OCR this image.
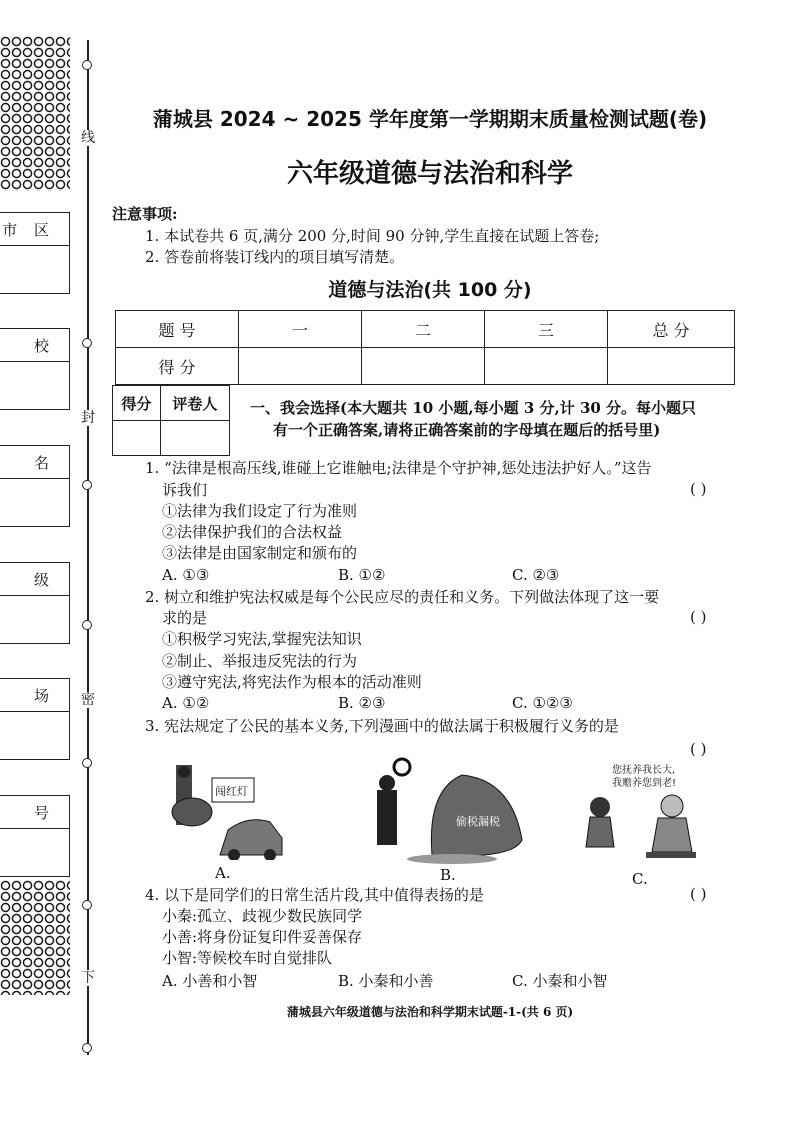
线
封
密
下
市 区
校
名
级
场
号
蒲城县 2024 ~ 2025 学年度第一学期期末质量检测试题(卷)
六年级道德与法治和科学
注意事项:
1. 本试卷共 6 页,满分 200 分,时间 90 分钟,学生直接在试题上答卷;
2. 答卷前将装订线内的项目填写清楚。
道德与法治(共 100 分)
题 号	一	二	三	总 分
得 分				
得分	评卷人
	一、我会选择(本大题共 10 小题,每小题 3 分,计 30 分。每小题只
有一个正确答案,请将正确答案前的字母填在题后的括号里)
1. “法律是根高压线,谁碰上它谁触电;法律是个守护神,惩处违法护好人。”这告
诉我们	( )
①法律为我们设定了行为准则
②法律保护我们的合法权益
③法律是由国家制定和颁布的
A. ①③	B. ①②	C. ②③
2. 树立和维护宪法权威是每个公民应尽的责任和义务。下列做法体现了这一要
求的是	( )
①积极学习宪法,掌握宪法知识
②制止、举报违反宪法的行为
③遵守宪法,将宪法作为根本的活动准则
A. ①②	B. ②③	C. ①②③
3. 宪法规定了公民的基本义务,下列漫画中的做法属于积极履行义务的是
( )
闯红灯
A.
偷税漏税
B.
您抚养我长大,
我赡养您到老!
C.
4. 以下是同学们的日常生活片段,其中值得表扬的是	( )
小秦:孤立、歧视少数民族同学
小善:将身份证复印件妥善保存
小智:等候校车时自觉排队
A. 小善和小智	B. 小秦和小善	C. 小秦和小智
蒲城县六年级道德与法治和科学期末试题-1-(共 6 页)
